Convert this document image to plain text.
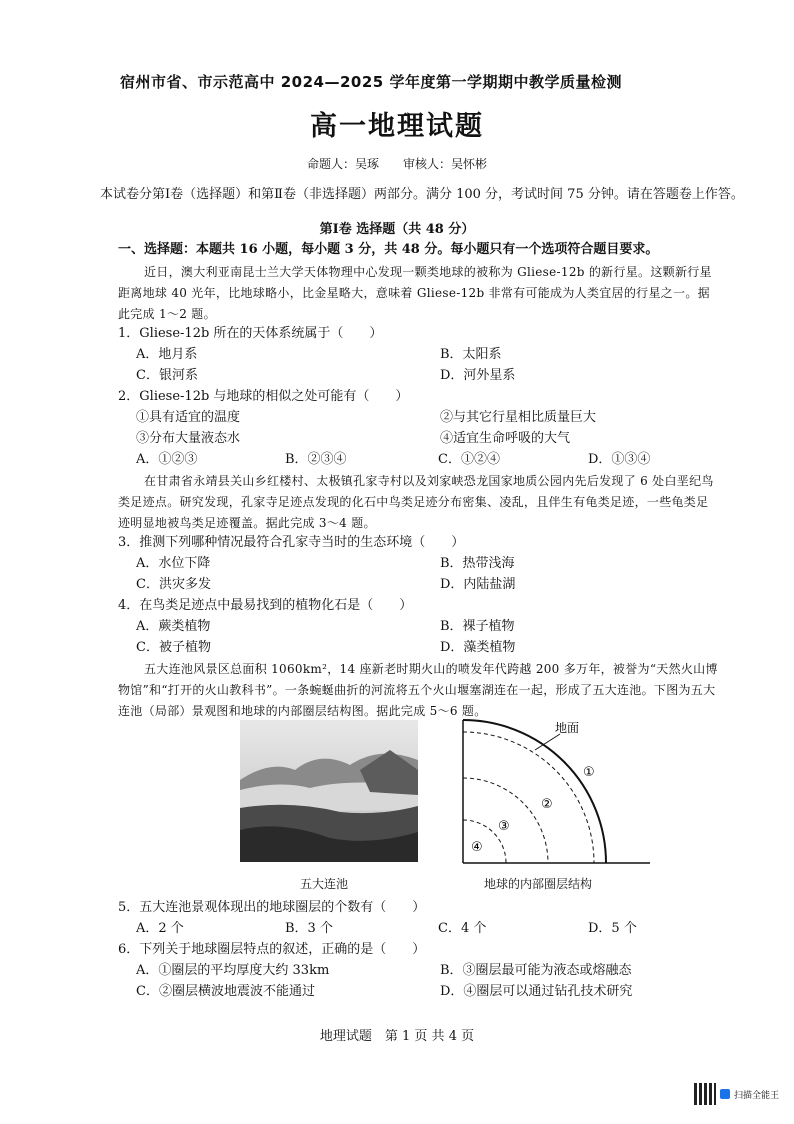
宿州市省、市示范高中 2024—2025 学年度第一学期期中教学质量检测
高一地理试题
命题人：吴琢　　审核人：吴怀彬
本试卷分第Ⅰ卷（选择题）和第Ⅱ卷（非选择题）两部分。满分 100 分，考试时间 75 分钟。请在答题卷上作答。
第Ⅰ卷 选择题（共 48 分）
一、选择题：本题共 16 小题，每小题 3 分，共 48 分。每小题只有一个选项符合题目要求。
近日，澳大利亚南昆士兰大学天体物理中心发现一颗类地球的被称为 Gliese-12b 的新行星。这颗新行星距离地球 40 光年，比地球略小，比金星略大，意味着 Gliese-12b 非常有可能成为人类宜居的行星之一。据此完成 1～2 题。
1．Gliese-12b 所在的天体系统属于（　　）
A．地月系	B．太阳系
C．银河系	D．河外星系
2．Gliese-12b 与地球的相似之处可能有（　　）
①具有适宜的温度	②与其它行星相比质量巨大
③分布大量液态水	④适宜生命呼吸的大气
A．①②③	B．②③④	C．①②④	D．①③④
在甘肃省永靖县关山乡红楼村、太极镇孔家寺村以及刘家峡恐龙国家地质公园内先后发现了 6 处白垩纪鸟类足迹点。研究发现，孔家寺足迹点发现的化石中鸟类足迹分布密集、凌乱，且伴生有龟类足迹，一些龟类足迹明显地被鸟类足迹覆盖。据此完成 3～4 题。
3．推测下列哪种情况最符合孔家寺当时的生态环境（　　）
A．水位下降	B．热带浅海
C．洪灾多发	D．内陆盐湖
4．在鸟类足迹点中最易找到的植物化石是（　　）
A．蕨类植物	B．裸子植物
C．被子植物	D．藻类植物
五大连池风景区总面积 1060km²，14 座新老时期火山的喷发年代跨越 200 多万年，被誉为“天然火山博物馆”和“打开的火山教科书”。一条蜿蜒曲折的河流将五个火山堰塞湖连在一起，形成了五大连池。下图为五大连池（局部）景观图和地球的内部圈层结构图。据此完成 5～6 题。
地面
①
②
③
④
五大连池	地球的内部圈层结构
5．五大连池景观体现出的地球圈层的个数有（　　）
A．2 个	B．3 个	C．4 个	D．5 个
6．下列关于地球圈层特点的叙述，正确的是（　　）
A．①圈层的平均厚度大约 33km	B．③圈层最可能为液态或熔融态
C．②圈层横波地震波不能通过	D．④圈层可以通过钻孔技术研究
地理试题　第 1 页 共 4 页
扫描全能王
